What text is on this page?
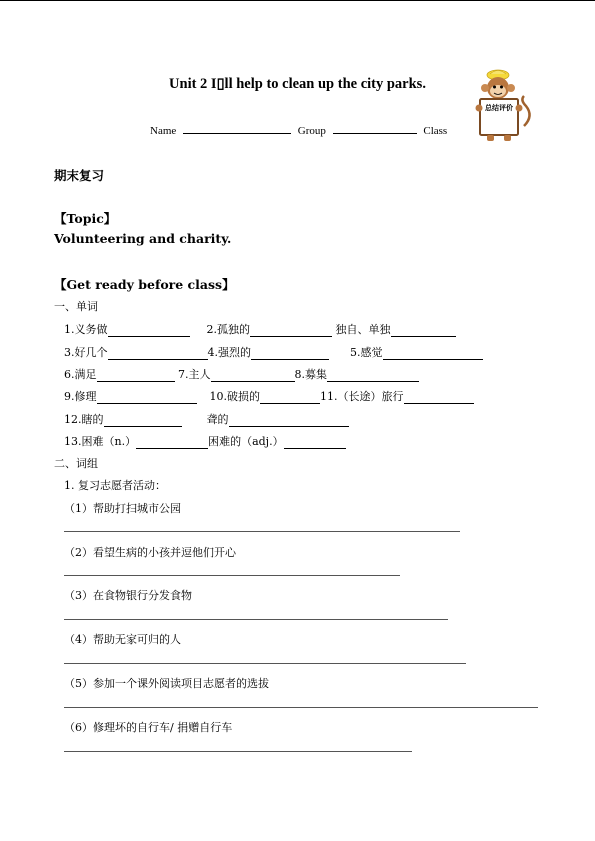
Unit 2 I▯ll help to clean up the city parks.
Name	Group	Class
总结评价
期末复习
【Topic】
Volunteering and charity.
【Get ready before class】
一、单词
1.义务做	2.孤独的	独自、单独
3.好几个	4.强烈的	5.感觉
6.满足	7.主人	8.募集
9.修理	10.破损的	11.（长途）旅行
12.瞎的	聋的
13.困难（n.）	困难的（adj.）
二、词组
1. 复习志愿者活动：
（1）帮助打扫城市公园
（2）看望生病的小孩并逗他们开心
（3）在食物银行分发食物
（4）帮助无家可归的人
（5）参加一个课外阅读项目志愿者的选拔
（6）修理坏的自行车/ 捐赠自行车
